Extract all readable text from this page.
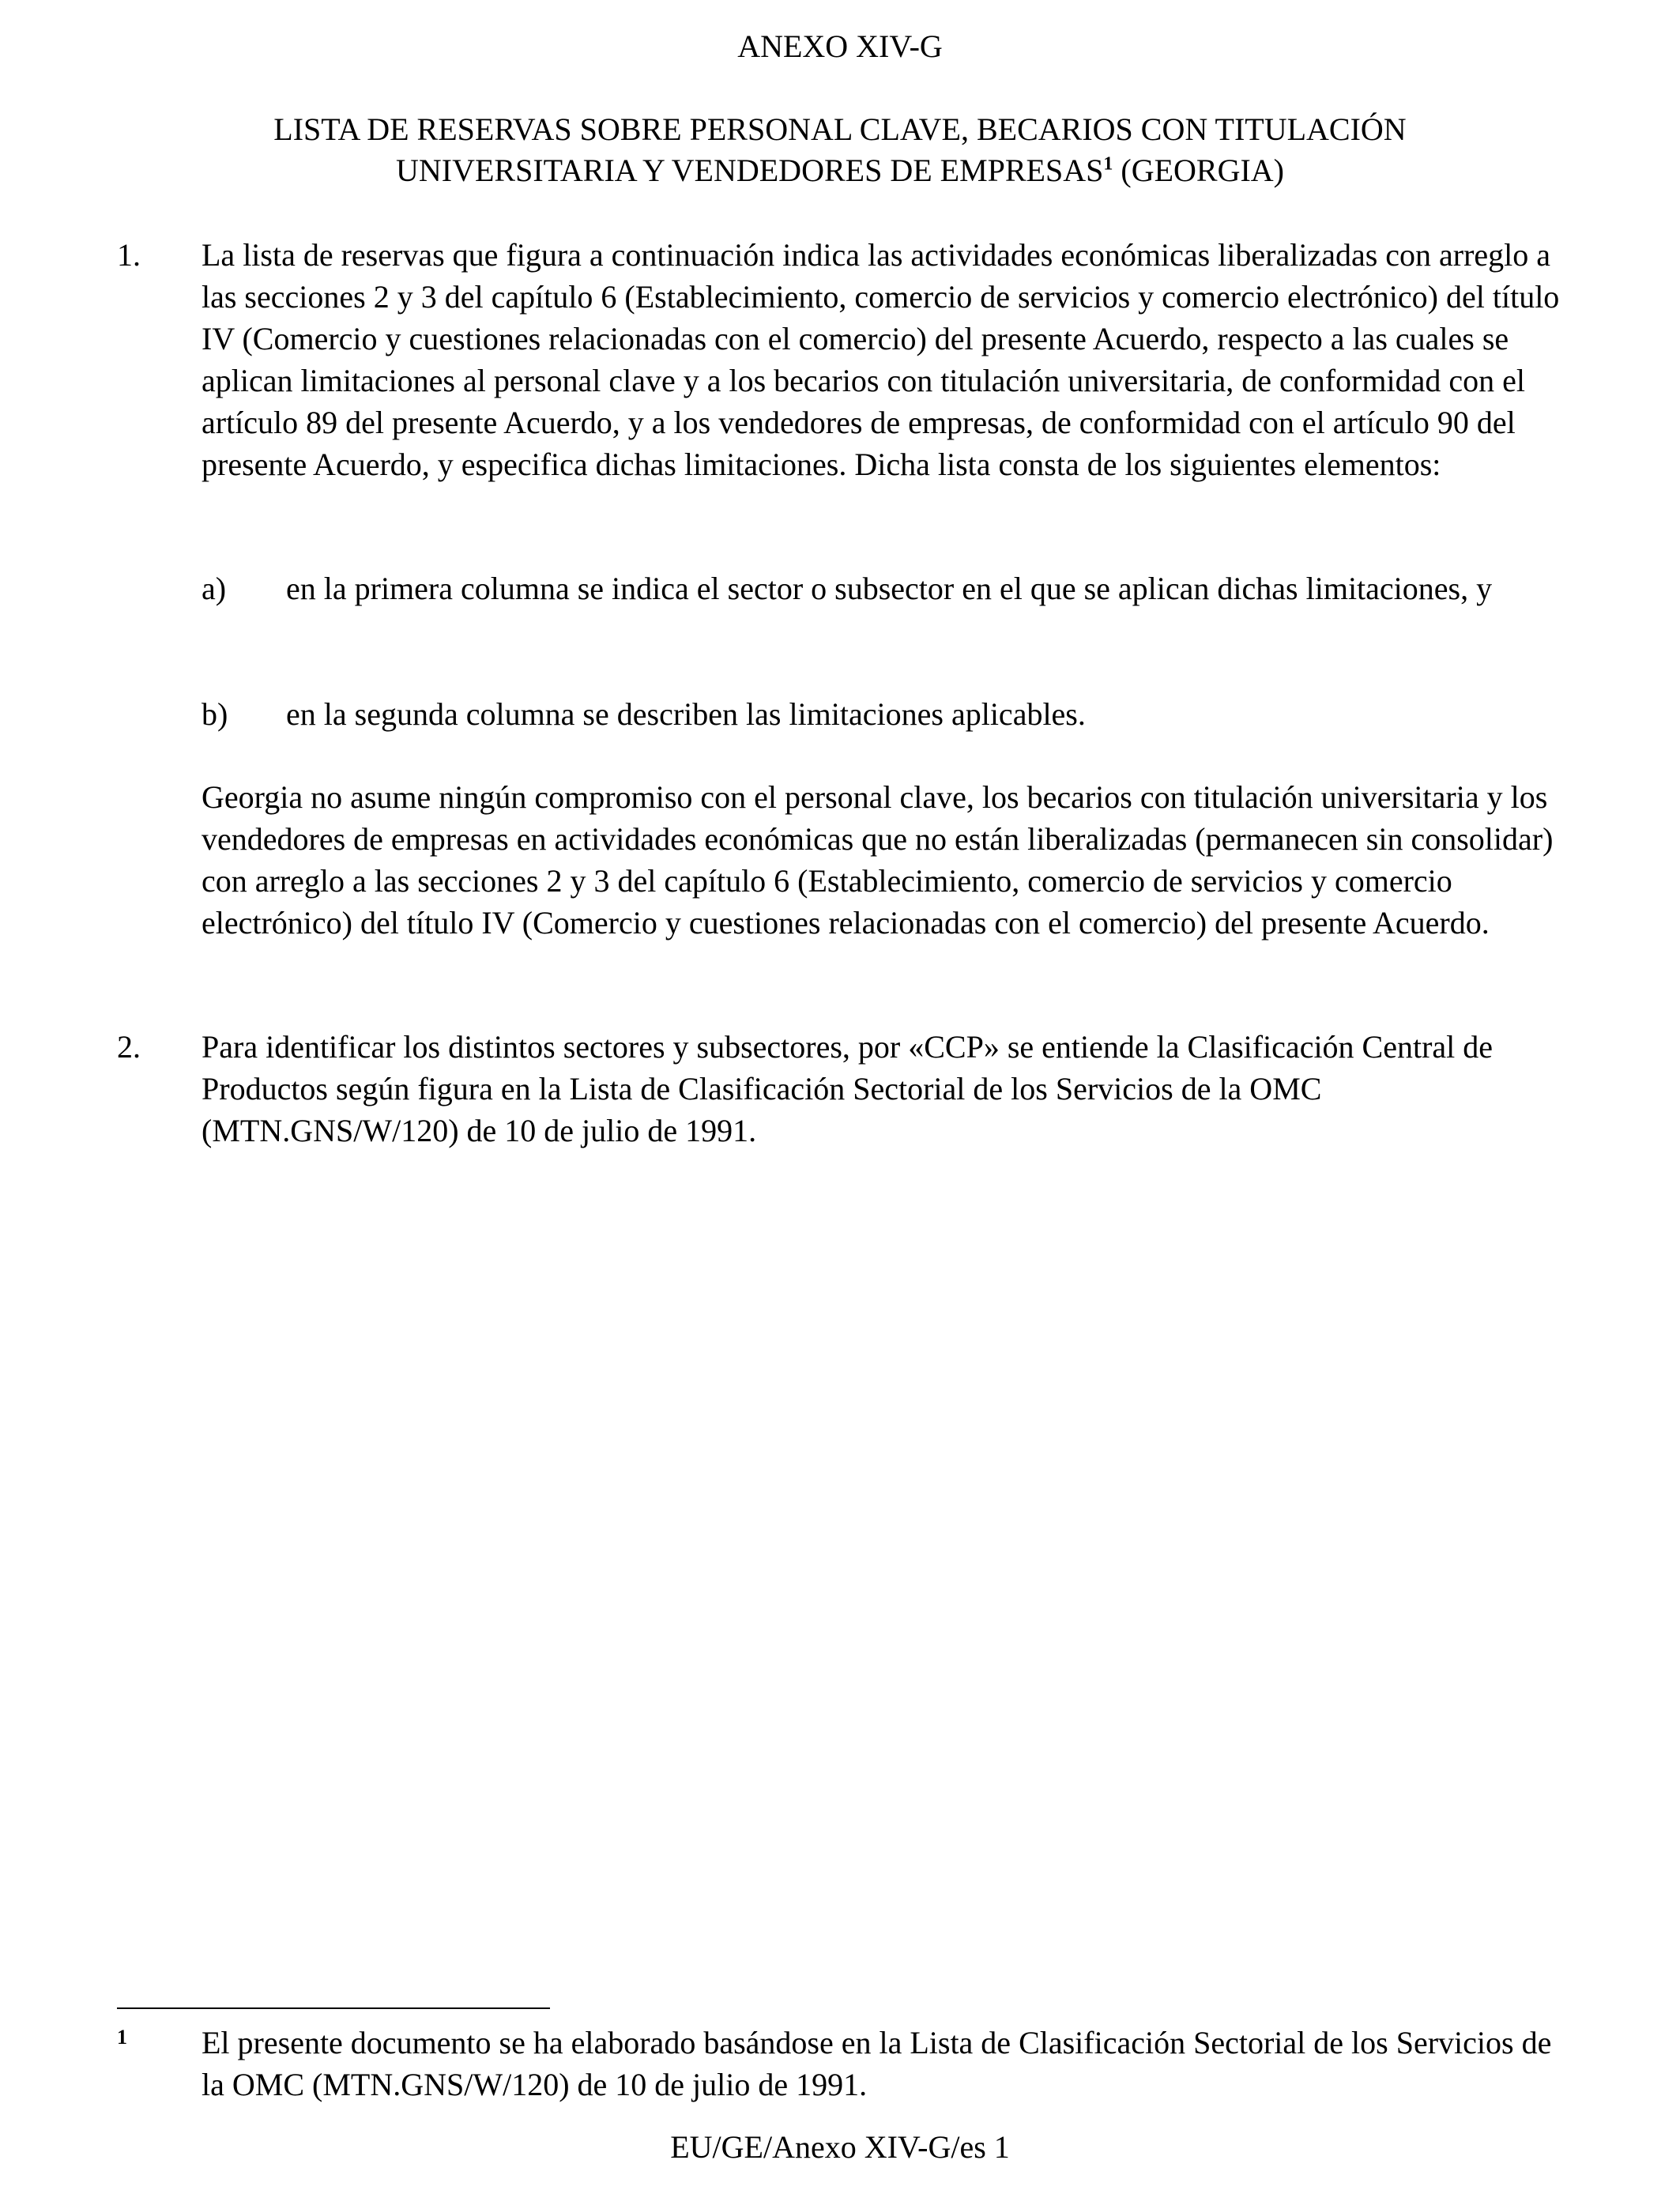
ANEXO XIV-G
LISTA DE RESERVAS SOBRE PERSONAL CLAVE, BECARIOS CON TITULACIÓN
UNIVERSITARIA Y VENDEDORES DE EMPRESAS$^1$ (GEORGIA)
1.	La lista de reservas que figura a continuación indica las actividades económicas liberalizadas con arreglo a las secciones 2 y 3 del capítulo 6 (Establecimiento, comercio de servicios y comercio electrónico) del título IV (Comercio y cuestiones relacionadas con el comercio) del presente Acuerdo, respecto a las cuales se aplican limitaciones al personal clave y a los becarios con titulación universitaria, de conformidad con el artículo 89 del presente Acuerdo, y a los vendedores de empresas, de conformidad con el artículo 90 del presente Acuerdo, y especifica dichas limitaciones. Dicha lista consta de los siguientes elementos:

a)	en la primera columna se indica el sector o subsector en el que se aplican dichas limitaciones, y

b)	en la segunda columna se describen las limitaciones aplicables.

Georgia no asume ningún compromiso con el personal clave, los becarios con titulación universitaria y los vendedores de empresas en actividades económicas que no están liberalizadas (permanecen sin consolidar) con arreglo a las secciones 2 y 3 del capítulo 6 (Establecimiento, comercio de servicios y comercio electrónico) del título IV (Comercio y cuestiones relacionadas con el comercio) del presente Acuerdo.

2.	Para identificar los distintos sectores y subsectores, por «CCP» se entiende la Clasificación Central de Productos según figura en la Lista de Clasificación Sectorial de los Servicios de la OMC (MTN.GNS/W/120) de 10 de julio de 1991.

1	El presente documento se ha elaborado basándose en la Lista de Clasificación Sectorial de los Servicios de la OMC (MTN.GNS/W/120) de 10 de julio de 1991.

EU/GE/Anexo XIV-G/es 1
